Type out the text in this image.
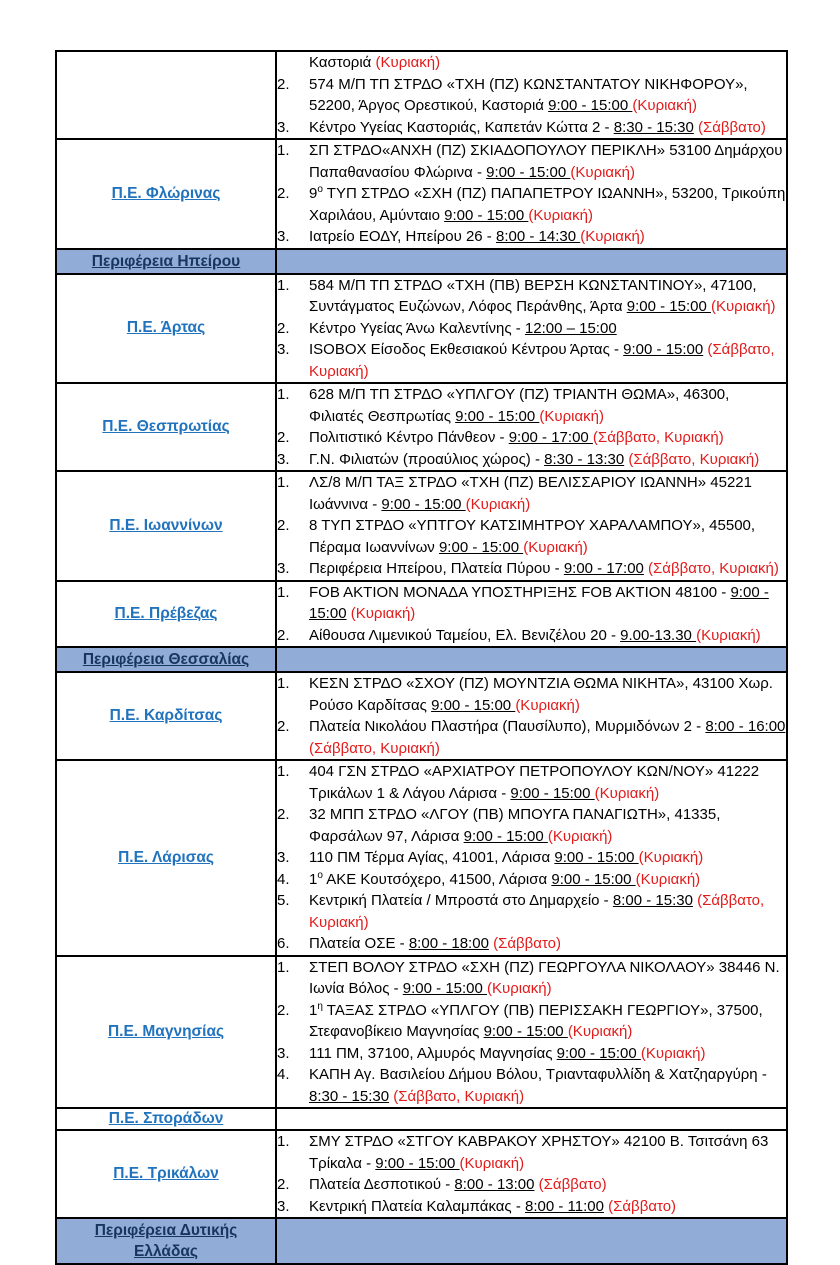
	Καστοριά (Κυριακή)
2. 574 Μ/Π ΤΠ ΣΤΡΔΟ «ΤΧΗ (ΠΖ) ΚΩΝΣΤΑΝΤΑΤΟΥ ΝΙΚΗΦΟΡΟΥ», 52200, Άργος Ορεστικού, Καστοριά 9:00 - 15:00 (Κυριακή)
3. Κέντρο Υγείας Καστοριάς, Καπετάν Κώττα 2 - 8:30 - 15:30 (Σάββατο)

Π.Ε. Φλώρινας	
1.	ΣΠ ΣΤΡΔΟ«ΑΝΧΗ (ΠΖ) ΣΚΙΑΔΟΠΟΥΛΟΥ ΠΕΡΙΚΛΗ» 53100 Δημάρχου Παπαθανασίου Φλώρινα - 9:00 - 15:00 (Κυριακή)
2.	$9^o$ ΤΥΠ ΣΤΡΔΟ «ΣΧΗ (ΠΖ) ΠΑΠΑΠΕΤΡΟΥ ΙΩΑΝΝΗ», 53200, Τρικούπη Χαριλάου, Αμύνταιο 9:00 - 15:00 (Κυριακή)
3.	Ιατρείο ΕΟΔΥ, Ηπείρου 26 - 8:00 - 14:30 (Κυριακή)

Περιφέρεια Ηπείρου	

Π.Ε. Άρτας	
1.	584 Μ/Π ΤΠ ΣΤΡΔΟ «ΤΧΗ (ΠΒ) ΒΕΡΣΗ ΚΩΝΣΤΑΝΤΙΝΟΥ», 47100, Συντάγματος Ευζώνων, Λόφος Περάνθης, Άρτα 9:00 - 15:00 (Κυριακή)
2.	Κέντρο Υγείας Άνω Καλεντίνης - 12:00 – 15:00
3.	ISOBOX Είσοδος Εκθεσιακού Κέντρου Άρτας - 9:00 - 15:00 (Σάββατο, Κυριακή)

Π.Ε. Θεσπρωτίας	
1.	628 Μ/Π ΤΠ ΣΤΡΔΟ «ΥΠΛΓΟΥ (ΠΖ) ΤΡΙΑΝΤΗ ΘΩΜΑ», 46300, Φιλιατές Θεσπρωτίας 9:00 - 15:00 (Κυριακή)
2.	Πολιτιστικό Κέντρο Πάνθεον - 9:00 - 17:00 (Σάββατο, Κυριακή)
3.	Γ.Ν. Φιλιατών (προαύλιος χώρος) - 8:30 - 13:30 (Σάββατο, Κυριακή)

Π.Ε. Ιωαννίνων	
1.	ΛΣ/8 Μ/Π ΤΑΞ ΣΤΡΔΟ «ΤΧΗ (ΠΖ) ΒΕΛΙΣΣΑΡΙΟΥ ΙΩΑΝΝΗ» 45221 Ιωάννινα - 9:00 - 15:00 (Κυριακή)
2.	8 ΤΥΠ ΣΤΡΔΟ «ΥΠΤΓΟΥ ΚΑΤΣΙΜΗΤΡΟΥ ΧΑΡΑΛΑΜΠΟΥ», 45500, Πέραμα Ιωαννίνων 9:00 - 15:00 (Κυριακή)
3.	Περιφέρεια Ηπείρου, Πλατεία Πύρου - 9:00 - 17:00 (Σάββατο, Κυριακή)

Π.Ε. Πρέβεζας	1. FOB AKTION ΜΟΝΑΔΑ ΥΠΟΣΤΗΡΙΞΗΣ FOB AKTION 48100 - 9:00 - 15:00 (Κυριακή)
2. Αίθουσα Λιμενικού Ταμείου, Ελ. Βενιζέλου 20 - 9.00-13.30 (Κυριακή)

Περιφέρεια Θεσσαλίας	

Π.Ε. Καρδίτσας	1. ΚΕΣΝ ΣΤΡΔΟ «ΣΧΟΥ (ΠΖ) ΜΟΥΝΤΖΙΑ ΘΩΜΑ ΝΙΚΗΤΑ», 43100 Χωρ. Ρούσο Καρδίτσας 9:00 - 15:00 (Κυριακή)
2. Πλατεία Νικολάου Πλαστήρα (Παυσίλυπο), Μυρμιδόνων 2 - 8:00 - 16:00 (Σάββατο, Κυριακή)

Π.Ε. Λάρισας	
1.	404 ΓΣΝ ΣΤΡΔΟ «ΑΡΧΙΑΤΡΟΥ ΠΕΤΡΟΠΟΥΛΟΥ ΚΩΝ/ΝΟΥ» 41222 Τρικάλων 1 & Λάγου Λάρισα - 9:00 - 15:00 (Κυριακή)
2.	32 ΜΠΠ ΣΤΡΔΟ «ΛΓΟΥ (ΠΒ) ΜΠΟΥΓΑ ΠΑΝΑΓΙΩΤΗ», 41335, Φαρσάλων 97, Λάρισα 9:00 - 15:00 (Κυριακή)
3.	110 ΠΜ Τέρμα Αγίας, 41001, Λάρισα 9:00 - 15:00 (Κυριακή)
4.	$1^o$ ΑΚΕ Κουτσόχερο, 41500, Λάρισα 9:00 - 15:00 (Κυριακή)
5.	Κεντρική Πλατεία / Μπροστά στο Δημαρχείο - 8:00 - 15:30 (Σάββατο, Κυριακή)
6.	Πλατεία ΟΣΕ - 8:00 - 18:00 (Σάββατο)

Π.Ε. Μαγνησίας	
1.	ΣΤΕΠ ΒΟΛΟΥ ΣΤΡΔΟ «ΣΧΗ (ΠΖ) ΓΕΩΡΓΟΥΛΑ ΝΙΚΟΛΑΟΥ» 38446 Ν. Ιωνία Βόλος - 9:00 - 15:00 (Κυριακή)
2.	$1^\eta$ ΤΑΞΑΣ ΣΤΡΔΟ «ΥΠΛΓΟΥ (ΠΒ) ΠΕΡΙΣΣΑΚΗ ΓΕΩΡΓΙΟΥ», 37500, Στεφανοβίκειο Μαγνησίας 9:00 - 15:00 (Κυριακή)
3.	111 ΠΜ, 37100, Αλμυρός Μαγνησίας 9:00 - 15:00 (Κυριακή)
4.	ΚΑΠΗ Αγ. Βασιλείου Δήμου Βόλου, Τριανταφυλλίδη & Χατζηαργύρη - 8:30 - 15:30 (Σάββατο, Κυριακή)

Π.Ε. Σποράδων	
Π.Ε. Τρικάλων	
1.	ΣΜΥ ΣΤΡΔΟ «ΣΤΓΟΥ ΚΑΒΡΑΚΟΥ ΧΡΗΣΤΟΥ» 42100 Β. Τσιτσάνη 63 Τρίκαλα - 9:00 - 15:00 (Κυριακή)
2.	Πλατεία Δεσποτικού - 8:00 - 13:00 (Σάββατο)
3.	Κεντρική Πλατεία Καλαμπάκας - 8:00 - 11:00 (Σάββατο)

Περιφέρεια Δυτικής Ελλάδας	
